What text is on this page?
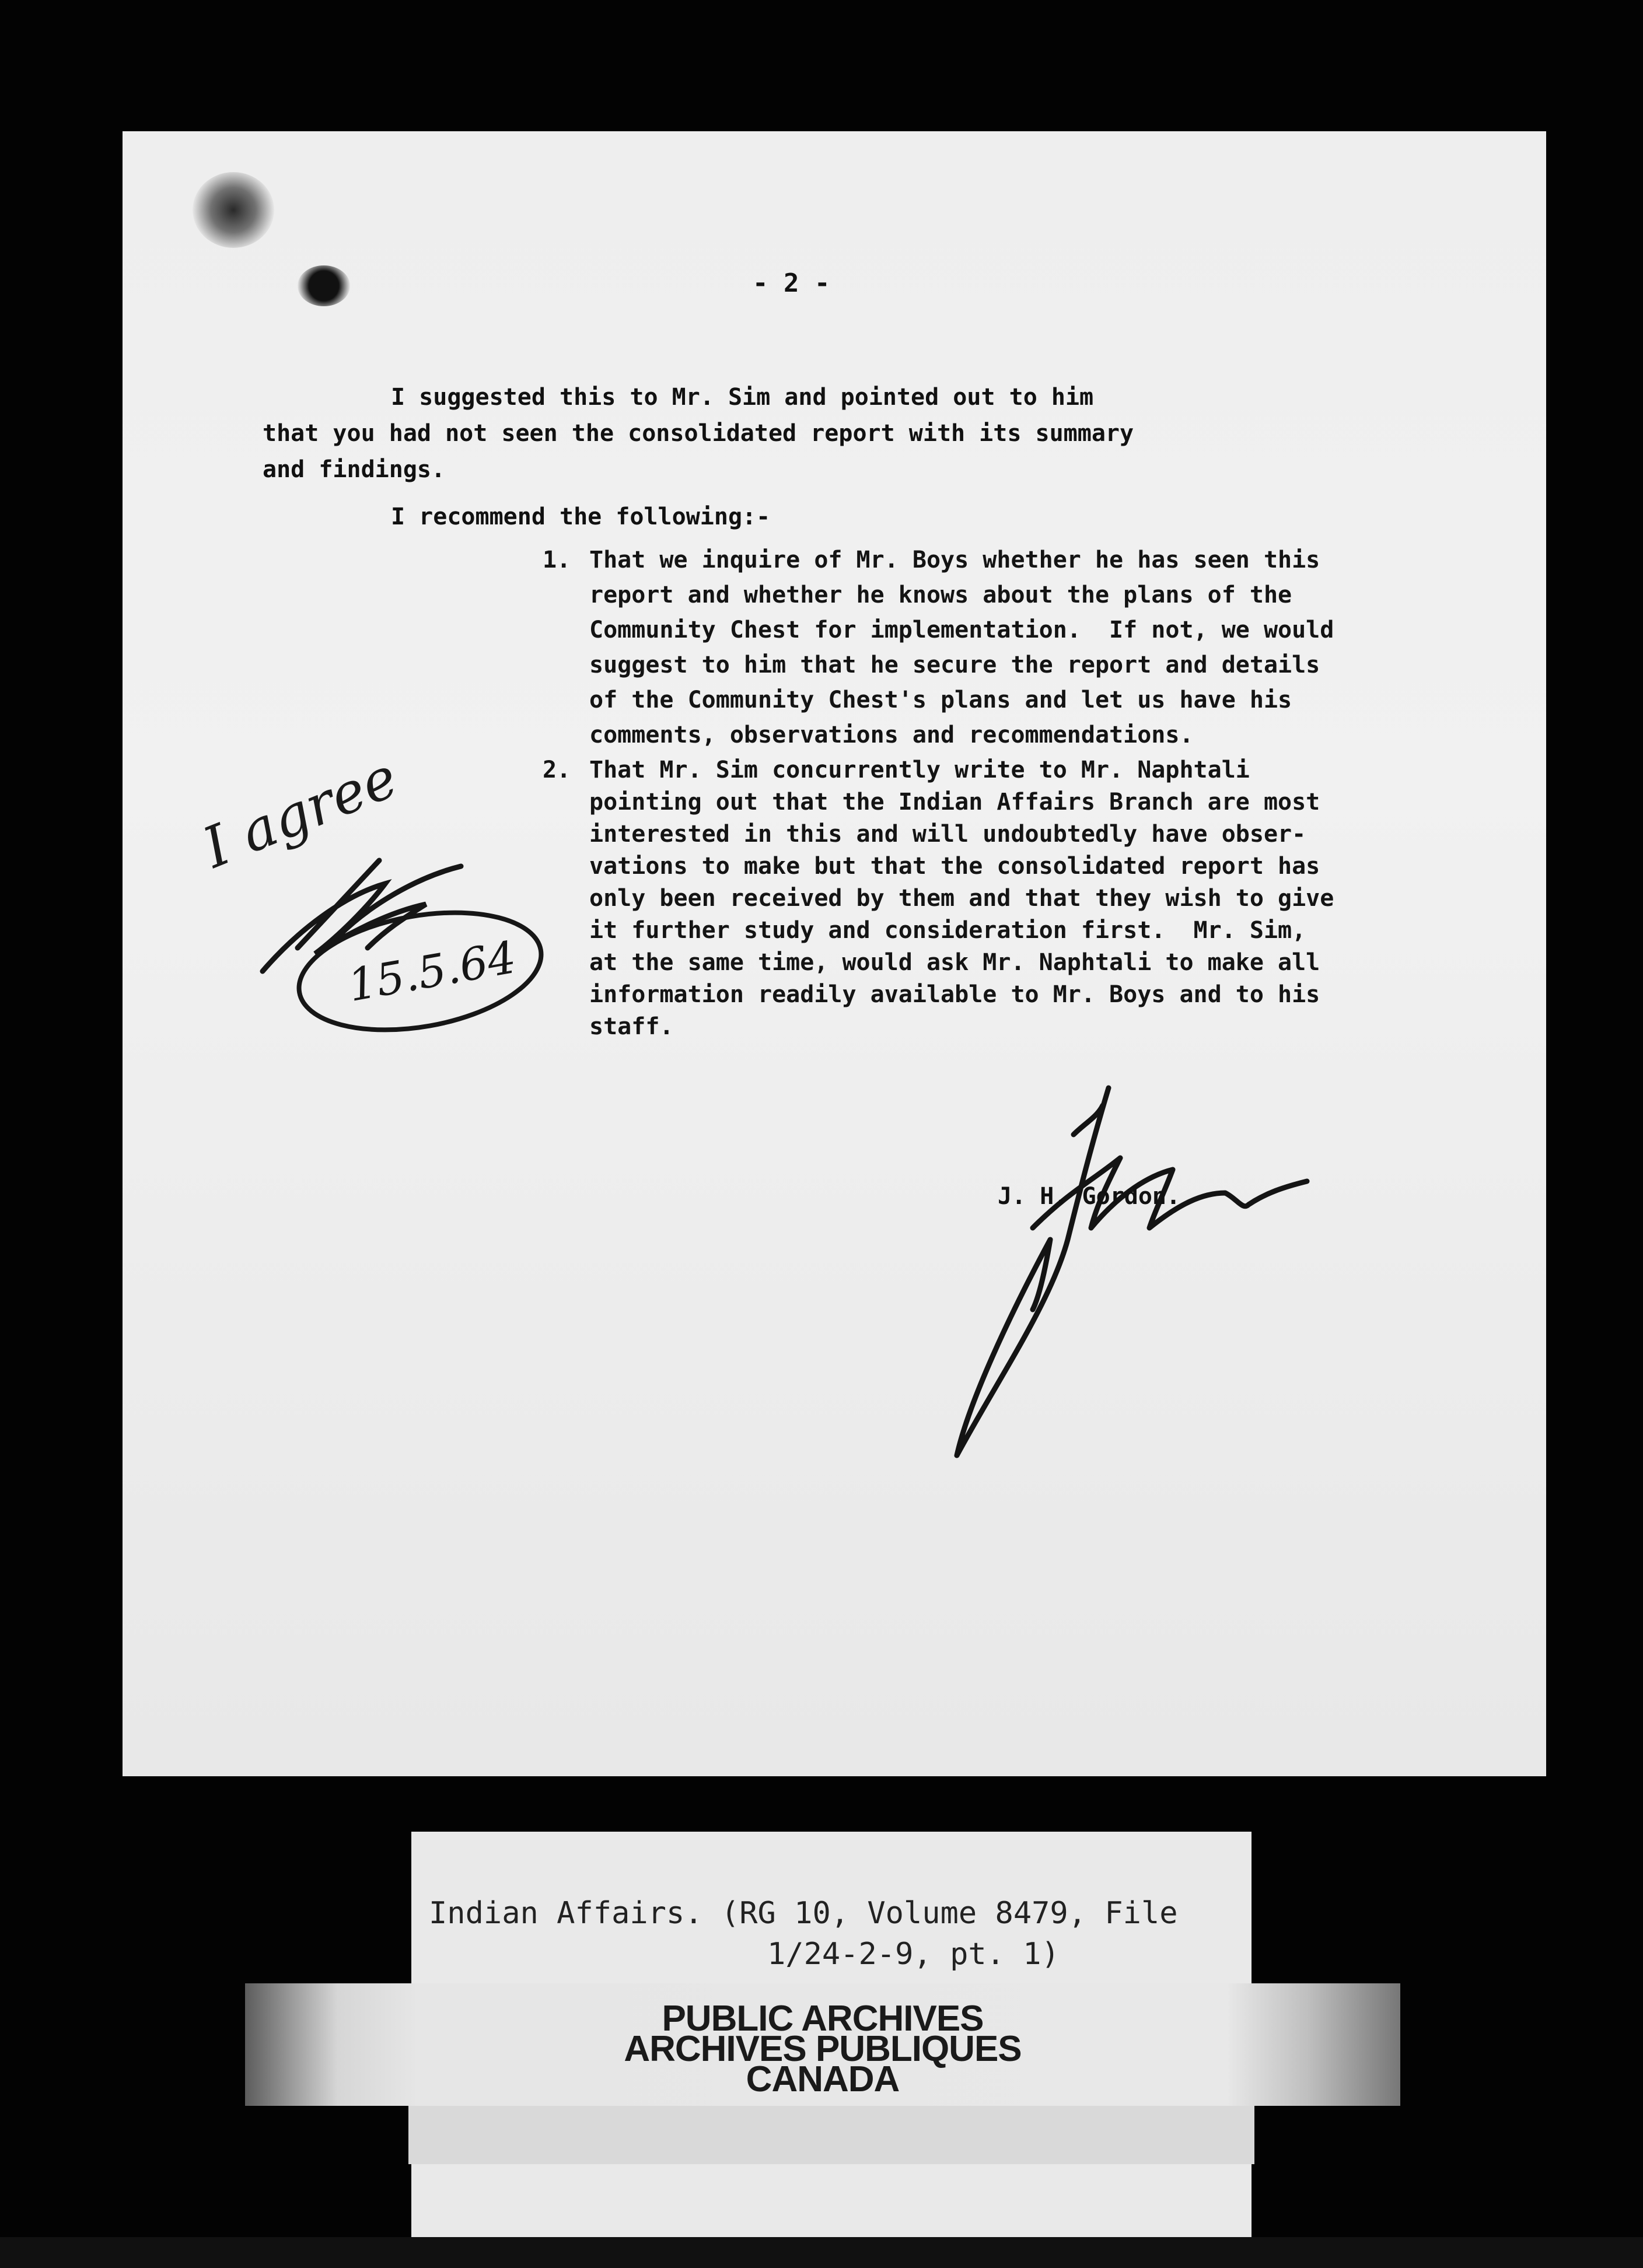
- 2 -
I suggested this to Mr. Sim and pointed out to him
that you had not seen the consolidated report with its summary
and findings.
I recommend the following:-
1. That we inquire of Mr. Boys whether he has seen this
report and whether he knows about the plans of the
Community Chest for implementation.  If not, we would
suggest to him that he secure the report and details
of the Community Chest's plans and let us have his
comments, observations and recommendations.
2. That Mr. Sim concurrently write to Mr. Naphtali
pointing out that the Indian Affairs Branch are most
interested in this and will undoubtedly have obser-
vations to make but that the consolidated report has
only been received by them and that they wish to give
it further study and consideration first.  Mr. Sim,
at the same time, would ask Mr. Naphtali to make all
information readily available to Mr. Boys and to his
staff.
I agree
15.5.64
J. H. Gordon.
Indian Affairs. (RG 10, Volume 8479, File
1/24-2-9, pt. 1)
PUBLIC ARCHIVES
ARCHIVES PUBLIQUES
CANADA
